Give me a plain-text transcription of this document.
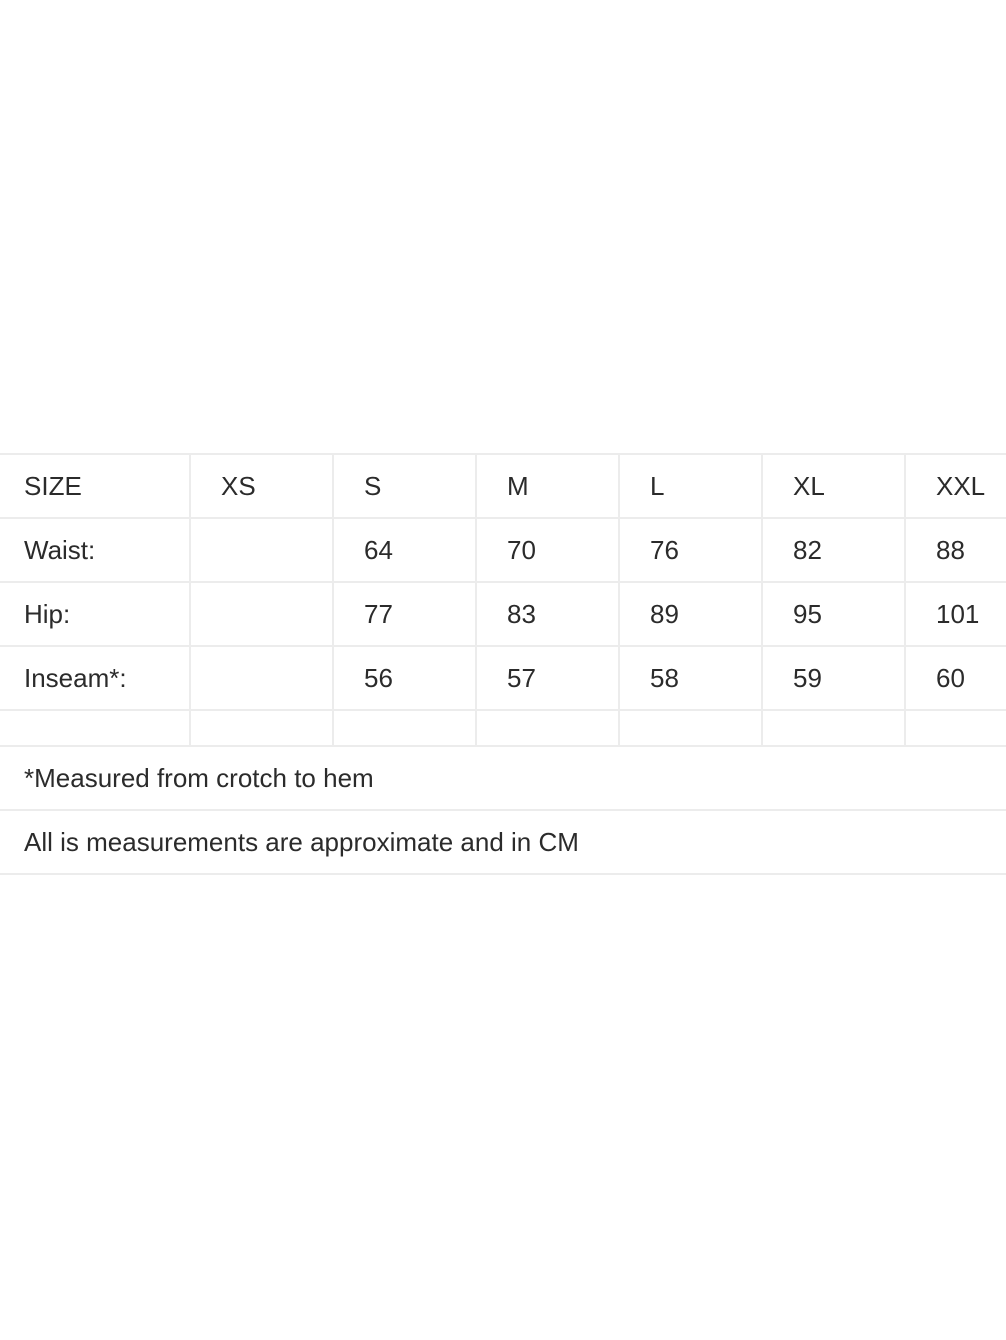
SIZE	XS	S	M	L	XL	XXL
Waist:		64	70	76	82	88
Hip:		77	83	89	95	101
Inseam*:		56	57	58	59	60

*Measured from crotch to hem						
All is measurements are approximate and in CM						
